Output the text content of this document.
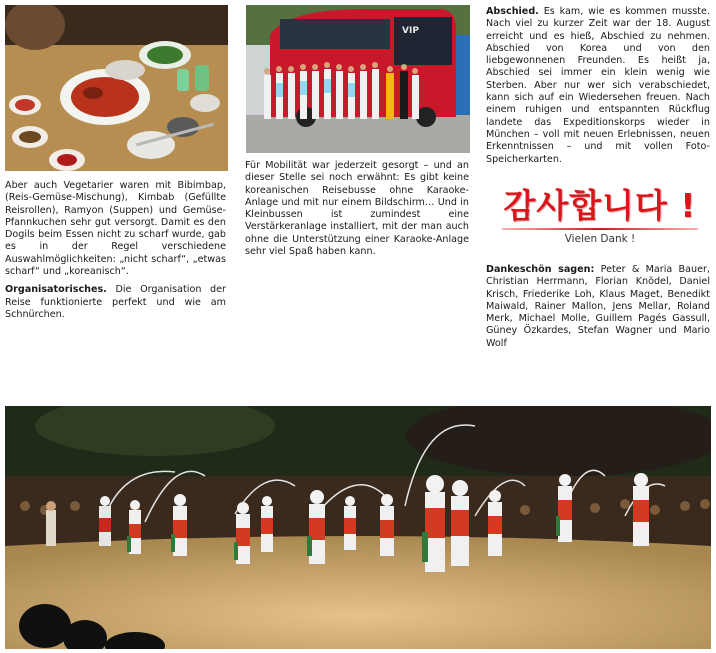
VIP

Aber auch Vegetarier waren mit Bibimbap, (Reis-Gemüse-Mischung), Kimbab (Gefüllte Reisrollen), Ramyon (Suppen) und Gemüse-Pfannkuchen sehr gut versorgt. Damit es den Dogils beim Essen nicht zu scharf wurde, gab es in der Regel verschiedene Auswahlmöglichkeiten: „nicht scharf“, „etwas scharf“ und „koreanisch“.

Organisatorisches. Die Organisation der Reise funktionierte perfekt und wie am Schnürchen.

Für Mobilität war jederzeit gesorgt – und an dieser Stelle sei noch erwähnt: Es gibt keine koreanischen Reisebusse ohne Karaoke-Anlage und mit nur einem Bildschirm… Und in Kleinbussen ist zumindest eine Verstärkeranlage installiert, mit der man auch ohne die Unterstützung einer Karaoke-Anlage sehr viel Spaß haben kann.

Abschied. Es kam, wie es kommen musste. Nach viel zu kurzer Zeit war der 18. August erreicht und es hieß, Abschied zu nehmen. Abschied von Korea und von den liebgewonnenen Freunden. Es heißt ja, Abschied sei immer ein klein wenig wie Sterben. Aber nur wer sich verabschiedet, kann sich auf ein Wiedersehen freuen. Nach einem ruhigen und entspannten Rückflug landete das Expeditionskorps wieder in München – voll mit neuen Erlebnissen, neuen Erkenntnissen – und mit vollen Foto-Speicherkarten.

감사합니다 !
Vielen Dank !

Dankeschön sagen: Peter & Maria Bauer, Christian Herrmann, Florian Knödel, Daniel Krisch, Friederike Loh, Klaus Maget, Benedikt Maiwald, Rainer Mallon, Jens Mellar, Roland Merk, Michael Molle, Guillem Pagés Gassull, Güney Özkardes, Stefan Wagner und Mario Wolf
